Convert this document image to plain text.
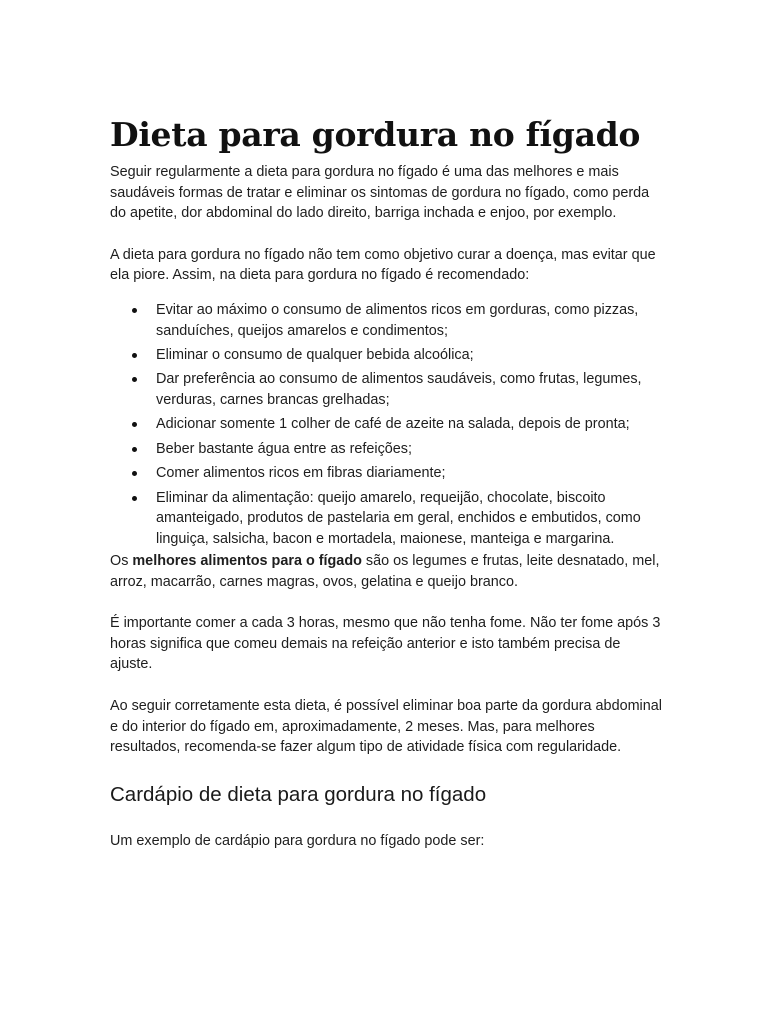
Dieta para gordura no fígado

Seguir regularmente a dieta para gordura no fígado é uma das melhores e mais saudáveis formas de tratar e eliminar os sintomas de gordura no fígado, como perda do apetite, dor abdominal do lado direito, barriga inchada e enjoo, por exemplo.

A dieta para gordura no fígado não tem como objetivo curar a doença, mas evitar que ela piore. Assim, na dieta para gordura no fígado é recomendado:

Evitar ao máximo o consumo de alimentos ricos em gorduras, como pizzas, sanduíches, queijos amarelos e condimentos;
Eliminar o consumo de qualquer bebida alcoólica;
Dar preferência ao consumo de alimentos saudáveis, como frutas, legumes, verduras, carnes brancas grelhadas;
Adicionar somente 1 colher de café de azeite na salada, depois de pronta;
Beber bastante água entre as refeições;
Comer alimentos ricos em fibras diariamente;
Eliminar da alimentação: queijo amarelo, requeijão, chocolate, biscoito amanteigado, produtos de pastelaria em geral, enchidos e embutidos, como linguiça, salsicha, bacon e mortadela, maionese, manteiga e margarina.

Os melhores alimentos para o fígado são os legumes e frutas, leite desnatado, mel, arroz, macarrão, carnes magras, ovos, gelatina e queijo branco.

É importante comer a cada 3 horas, mesmo que não tenha fome. Não ter fome após 3 horas significa que comeu demais na refeição anterior e isto também precisa de ajuste.

Ao seguir corretamente esta dieta, é possível eliminar boa parte da gordura abdominal e do interior do fígado em, aproximadamente, 2 meses. Mas, para melhores resultados, recomenda-se fazer algum tipo de atividade física com regularidade.

Cardápio de dieta para gordura no fígado

Um exemplo de cardápio para gordura no fígado pode ser:
